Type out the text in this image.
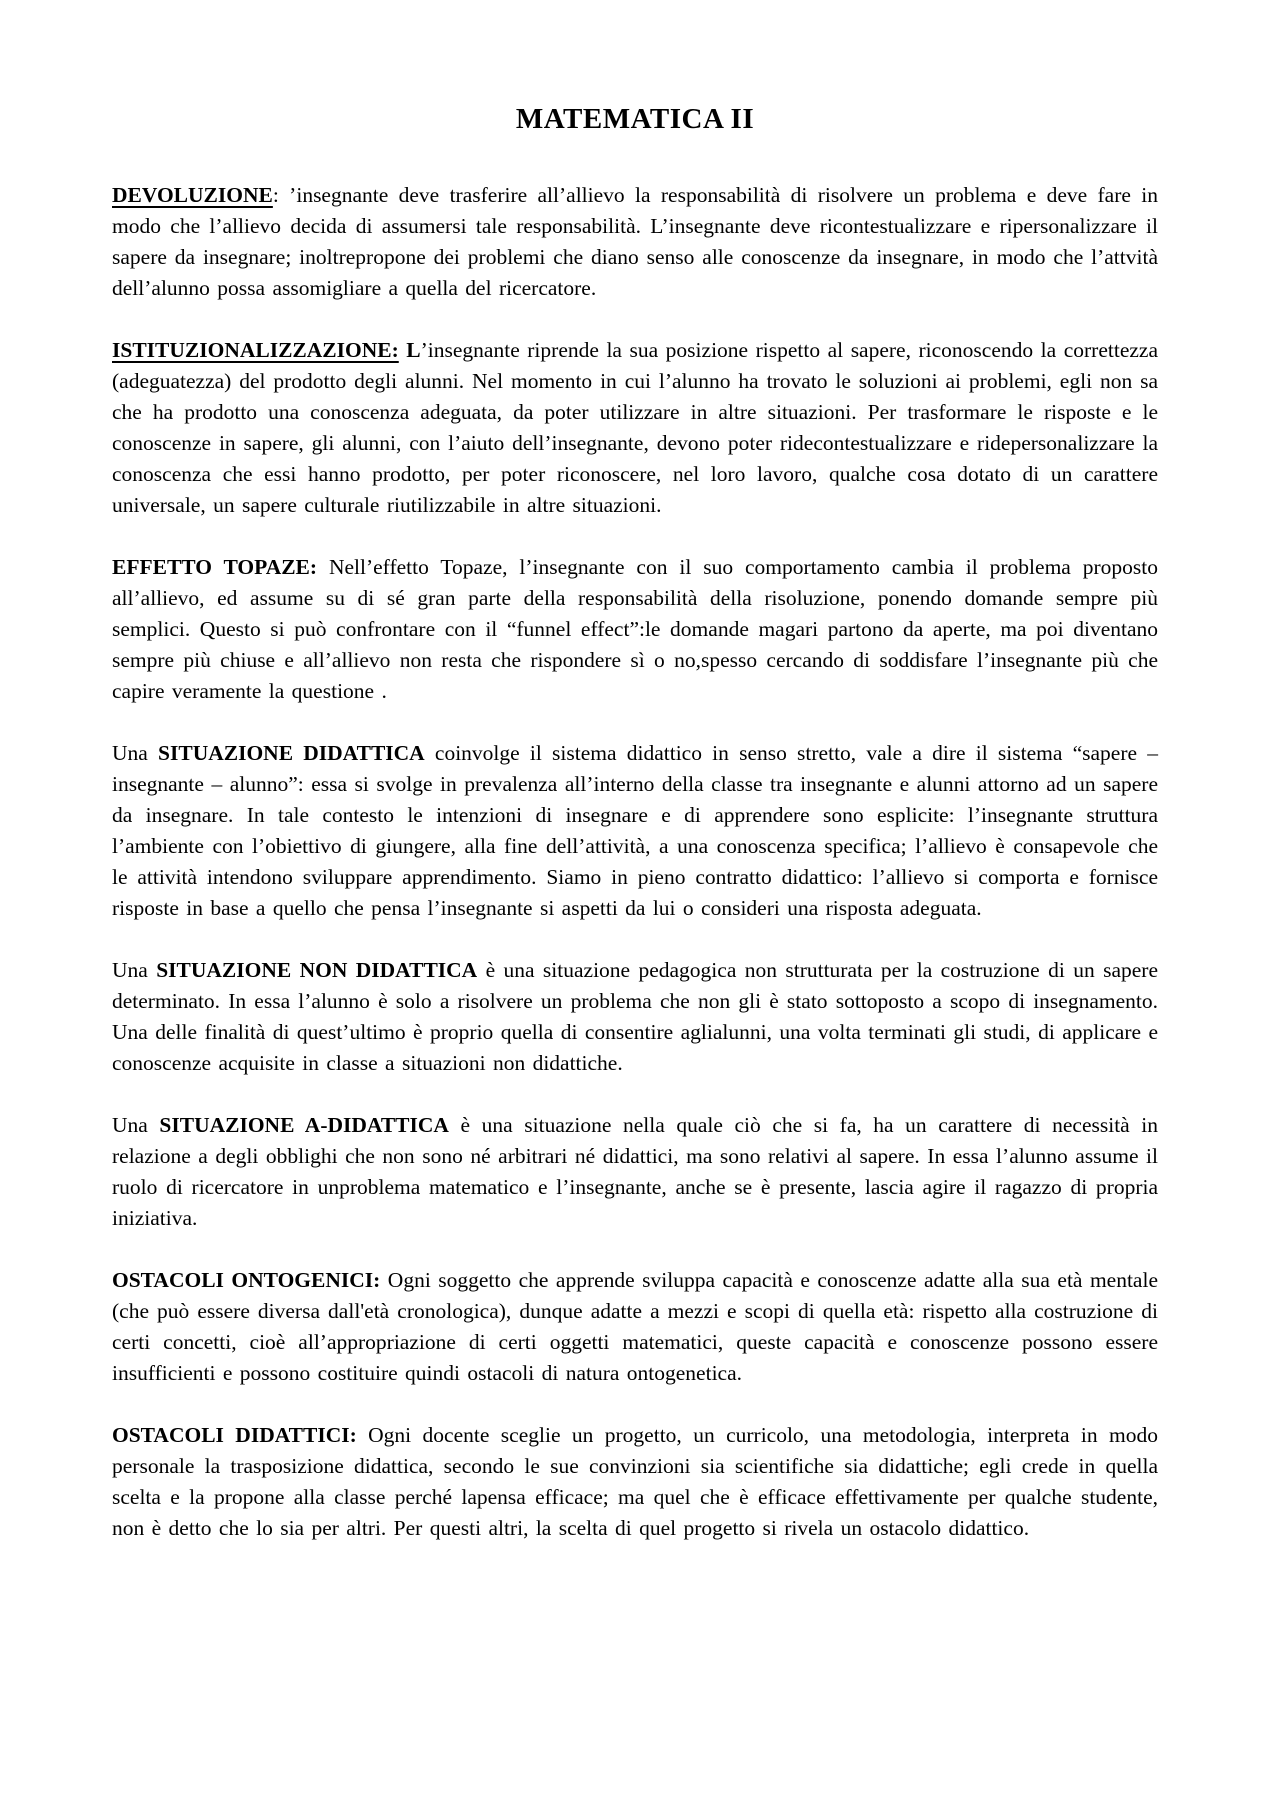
MATEMATICA II

DEVOLUZIONE: ’insegnante deve trasferire all’allievo la responsabilità di risolvere un problema e deve fare in modo che l’allievo decida di assumersi tale responsabilità. L’insegnante deve ricontestualizzare e ripersonalizzare il sapere da insegnare; inoltrepropone dei problemi che diano senso alle conoscenze da insegnare, in modo che l’attvità dell’alunno possa assomigliare a quella del ricercatore.

ISTITUZIONALIZZAZIONE: L’insegnante riprende la sua posizione rispetto al sapere, riconoscendo la correttezza (adeguatezza) del prodotto degli alunni. Nel momento in cui l’alunno ha trovato le soluzioni ai problemi, egli non sa che ha prodotto una conoscenza adeguata, da poter utilizzare in altre situazioni. Per trasformare le risposte e le conoscenze in sapere, gli alunni, con l’aiuto dell’insegnante, devono poter ridecontestualizzare e ridepersonalizzare la conoscenza che essi hanno prodotto, per poter riconoscere, nel loro lavoro, qualche cosa dotato di un carattere universale, un sapere culturale riutilizzabile in altre situazioni.

EFFETTO TOPAZE: Nell’effetto Topaze, l’insegnante con il suo comportamento cambia il problema proposto all’allievo, ed assume su di sé gran parte della responsabilità della risoluzione, ponendo domande sempre più semplici. Questo si può confrontare con il “funnel effect”:le domande magari partono da aperte, ma poi diventano sempre più chiuse e all’allievo non resta che rispondere sì o no,spesso cercando di soddisfare l’insegnante più che capire veramente la questione .

Una SITUAZIONE DIDATTICA coinvolge il sistema didattico in senso stretto, vale a dire il sistema “sapere – insegnante – alunno”: essa si svolge in prevalenza all’interno della classe tra insegnante e alunni attorno ad un sapere da insegnare. In tale contesto le intenzioni di insegnare e di apprendere sono esplicite: l’insegnante struttura l’ambiente con l’obiettivo di giungere, alla fine dell’attività, a una conoscenza specifica; l’allievo è consapevole che le attività intendono sviluppare apprendimento. Siamo in pieno contratto didattico: l’allievo si comporta e fornisce risposte in base a quello che pensa l’insegnante si aspetti da lui o consideri una risposta adeguata.

Una SITUAZIONE NON DIDATTICA è una situazione pedagogica non strutturata per la costruzione di un sapere determinato. In essa l’alunno è solo a risolvere un problema che non gli è stato sottoposto a scopo di insegnamento. Una delle finalità di quest’ultimo è proprio quella di consentire aglialunni, una volta terminati gli studi, di applicare e conoscenze acquisite in classe a situazioni non didattiche.

Una SITUAZIONE A-DIDATTICA è una situazione nella quale ciò che si fa, ha un carattere di necessità in relazione a degli obblighi che non sono né arbitrari né didattici, ma sono relativi al sapere. In essa l’alunno assume il ruolo di ricercatore in unproblema matematico e l’insegnante, anche se è presente, lascia agire il ragazzo di propria iniziativa.

OSTACOLI ONTOGENICI: Ogni soggetto che apprende sviluppa capacità e conoscenze adatte alla sua età mentale (che può essere diversa dall'età cronologica), dunque adatte a mezzi e scopi di quella età: rispetto alla costruzione di certi concetti, cioè all’appropriazione di certi oggetti matematici, queste capacità e conoscenze possono essere insufficienti e possono costituire quindi ostacoli di natura ontogenetica.

OSTACOLI DIDATTICI: Ogni docente sceglie un progetto, un curricolo, una metodologia, interpreta in modo personale la trasposizione didattica, secondo le sue convinzioni sia scientifiche sia didattiche; egli crede in quella scelta e la propone alla classe perché lapensa efficace; ma quel che è efficace effettivamente per qualche studente, non è detto che lo sia per altri. Per questi altri, la scelta di quel progetto si rivela un ostacolo didattico.
